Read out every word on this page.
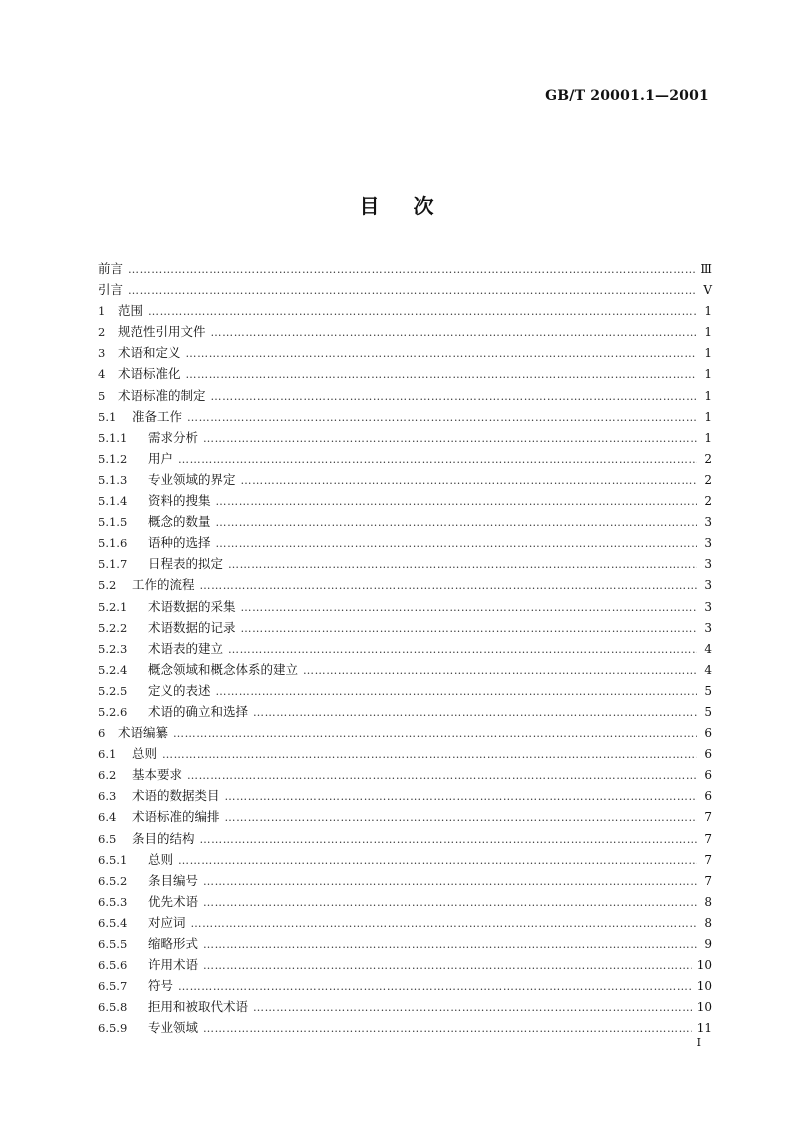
GB/T 20001.1—2001
目次
前言 ……………………………………………………………………………………………………………………………………………………………………………………………………………………………………	Ⅲ
引言 ……………………………………………………………………………………………………………………………………………………………………………………………………………………………………	Ⅴ
1	范围 ……………………………………………………………………………………………………………………………………………………………………………………………………………………………………	1
2	规范性引用文件 ……………………………………………………………………………………………………………………………………………………………………………………………………………………………………	1
3	术语和定义 ……………………………………………………………………………………………………………………………………………………………………………………………………………………………………	1
4	术语标准化 ……………………………………………………………………………………………………………………………………………………………………………………………………………………………………	1
5	术语标准的制定 ……………………………………………………………………………………………………………………………………………………………………………………………………………………………………	1
5.1	准备工作 ……………………………………………………………………………………………………………………………………………………………………………………………………………………………………	1
5.1.1	需求分析 ……………………………………………………………………………………………………………………………………………………………………………………………………………………………………	1
5.1.2	用户 ……………………………………………………………………………………………………………………………………………………………………………………………………………………………………	2
5.1.3	专业领域的界定 ……………………………………………………………………………………………………………………………………………………………………………………………………………………………………	2
5.1.4	资料的搜集 ……………………………………………………………………………………………………………………………………………………………………………………………………………………………………	2
5.1.5	概念的数量 ……………………………………………………………………………………………………………………………………………………………………………………………………………………………………	3
5.1.6	语种的选择 ……………………………………………………………………………………………………………………………………………………………………………………………………………………………………	3
5.1.7	日程表的拟定 ……………………………………………………………………………………………………………………………………………………………………………………………………………………………………	3
5.2	工作的流程 ……………………………………………………………………………………………………………………………………………………………………………………………………………………………………	3
5.2.1	术语数据的采集 ……………………………………………………………………………………………………………………………………………………………………………………………………………………………………	3
5.2.2	术语数据的记录 ……………………………………………………………………………………………………………………………………………………………………………………………………………………………………	3
5.2.3	术语表的建立 ……………………………………………………………………………………………………………………………………………………………………………………………………………………………………	4
5.2.4	概念领域和概念体系的建立 ……………………………………………………………………………………………………………………………………………………………………………………………………………………………………	4
5.2.5	定义的表述 ……………………………………………………………………………………………………………………………………………………………………………………………………………………………………	5
5.2.6	术语的确立和选择 ……………………………………………………………………………………………………………………………………………………………………………………………………………………………………	5
6	术语编纂 ……………………………………………………………………………………………………………………………………………………………………………………………………………………………………	6
6.1	总则 ……………………………………………………………………………………………………………………………………………………………………………………………………………………………………	6
6.2	基本要求 ……………………………………………………………………………………………………………………………………………………………………………………………………………………………………	6
6.3	术语的数据类目 ……………………………………………………………………………………………………………………………………………………………………………………………………………………………………	6
6.4	术语标准的编排 ……………………………………………………………………………………………………………………………………………………………………………………………………………………………………	7
6.5	条目的结构 ……………………………………………………………………………………………………………………………………………………………………………………………………………………………………	7
6.5.1	总则 ……………………………………………………………………………………………………………………………………………………………………………………………………………………………………	7
6.5.2	条目编号 ……………………………………………………………………………………………………………………………………………………………………………………………………………………………………	7
6.5.3	优先术语 ……………………………………………………………………………………………………………………………………………………………………………………………………………………………………	8
6.5.4	对应词 ……………………………………………………………………………………………………………………………………………………………………………………………………………………………………	8
6.5.5	缩略形式 ……………………………………………………………………………………………………………………………………………………………………………………………………………………………………	9
6.5.6	许用术语 ……………………………………………………………………………………………………………………………………………………………………………………………………………………………………	10
6.5.7	符号 ……………………………………………………………………………………………………………………………………………………………………………………………………………………………………	10
6.5.8	拒用和被取代术语 ……………………………………………………………………………………………………………………………………………………………………………………………………………………………………	10
6.5.9	专业领域 ……………………………………………………………………………………………………………………………………………………………………………………………………………………………………	11
I
